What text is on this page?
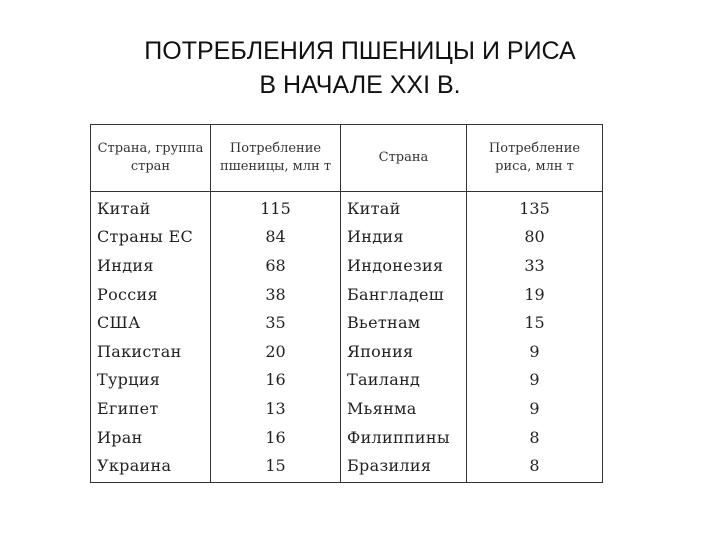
ПОТРЕБЛЕНИЯ ПШЕНИЦЫ И РИСА
В НАЧАЛЕ XXI В.
Страна, группа стран	Потребление пшеницы, млн т	Страна	Потребление риса, млн т
Китай	115	Китай	135
Страны ЕС	84	Индия	80
Индия	68	Индонезия	33
Россия	38	Бангладеш	19
США	35	Вьетнам	15
Пакистан	20	Япония	9
Турция	16	Таиланд	9
Египет	13	Мьянма	9
Иран	16	Филиппины	8
Украина	15	Бразилия	8
